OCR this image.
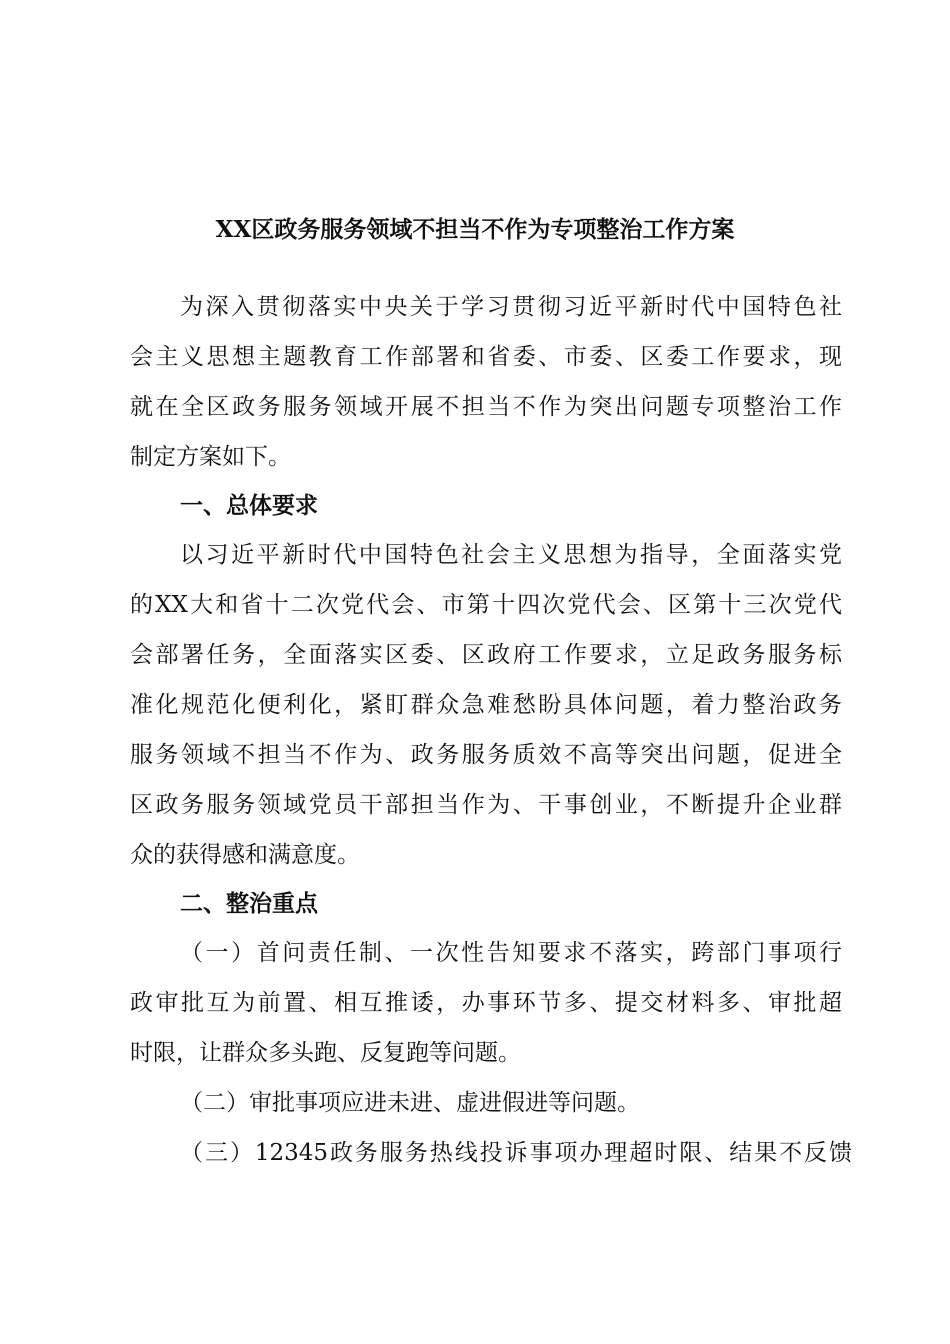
XX区政务服务领域不担当不作为专项整治工作方案
为深入贯彻落实中央关于学习贯彻习近平新时代中国特色社
会主义思想主题教育工作部署和省委、市委、区委工作要求，现
就在全区政务服务领域开展不担当不作为突出问题专项整治工作
制定方案如下。
一、总体要求
以习近平新时代中国特色社会主义思想为指导，全面落实党
的XX大和省十二次党代会、市第十四次党代会、区第十三次党代
会部署任务，全面落实区委、区政府工作要求，立足政务服务标
准化规范化便利化，紧盯群众急难愁盼具体问题，着力整治政务
服务领域不担当不作为、政务服务质效不高等突出问题，促进全
区政务服务领域党员干部担当作为、干事创业，不断提升企业群
众的获得感和满意度。
二、整治重点
（一）首问责任制、一次性告知要求不落实，跨部门事项行
政审批互为前置、相互推诿，办事环节多、提交材料多、审批超
时限，让群众多头跑、反复跑等问题。
（二）审批事项应进未进、虚进假进等问题。
（三）12345政务服务热线投诉事项办理超时限、结果不反馈
